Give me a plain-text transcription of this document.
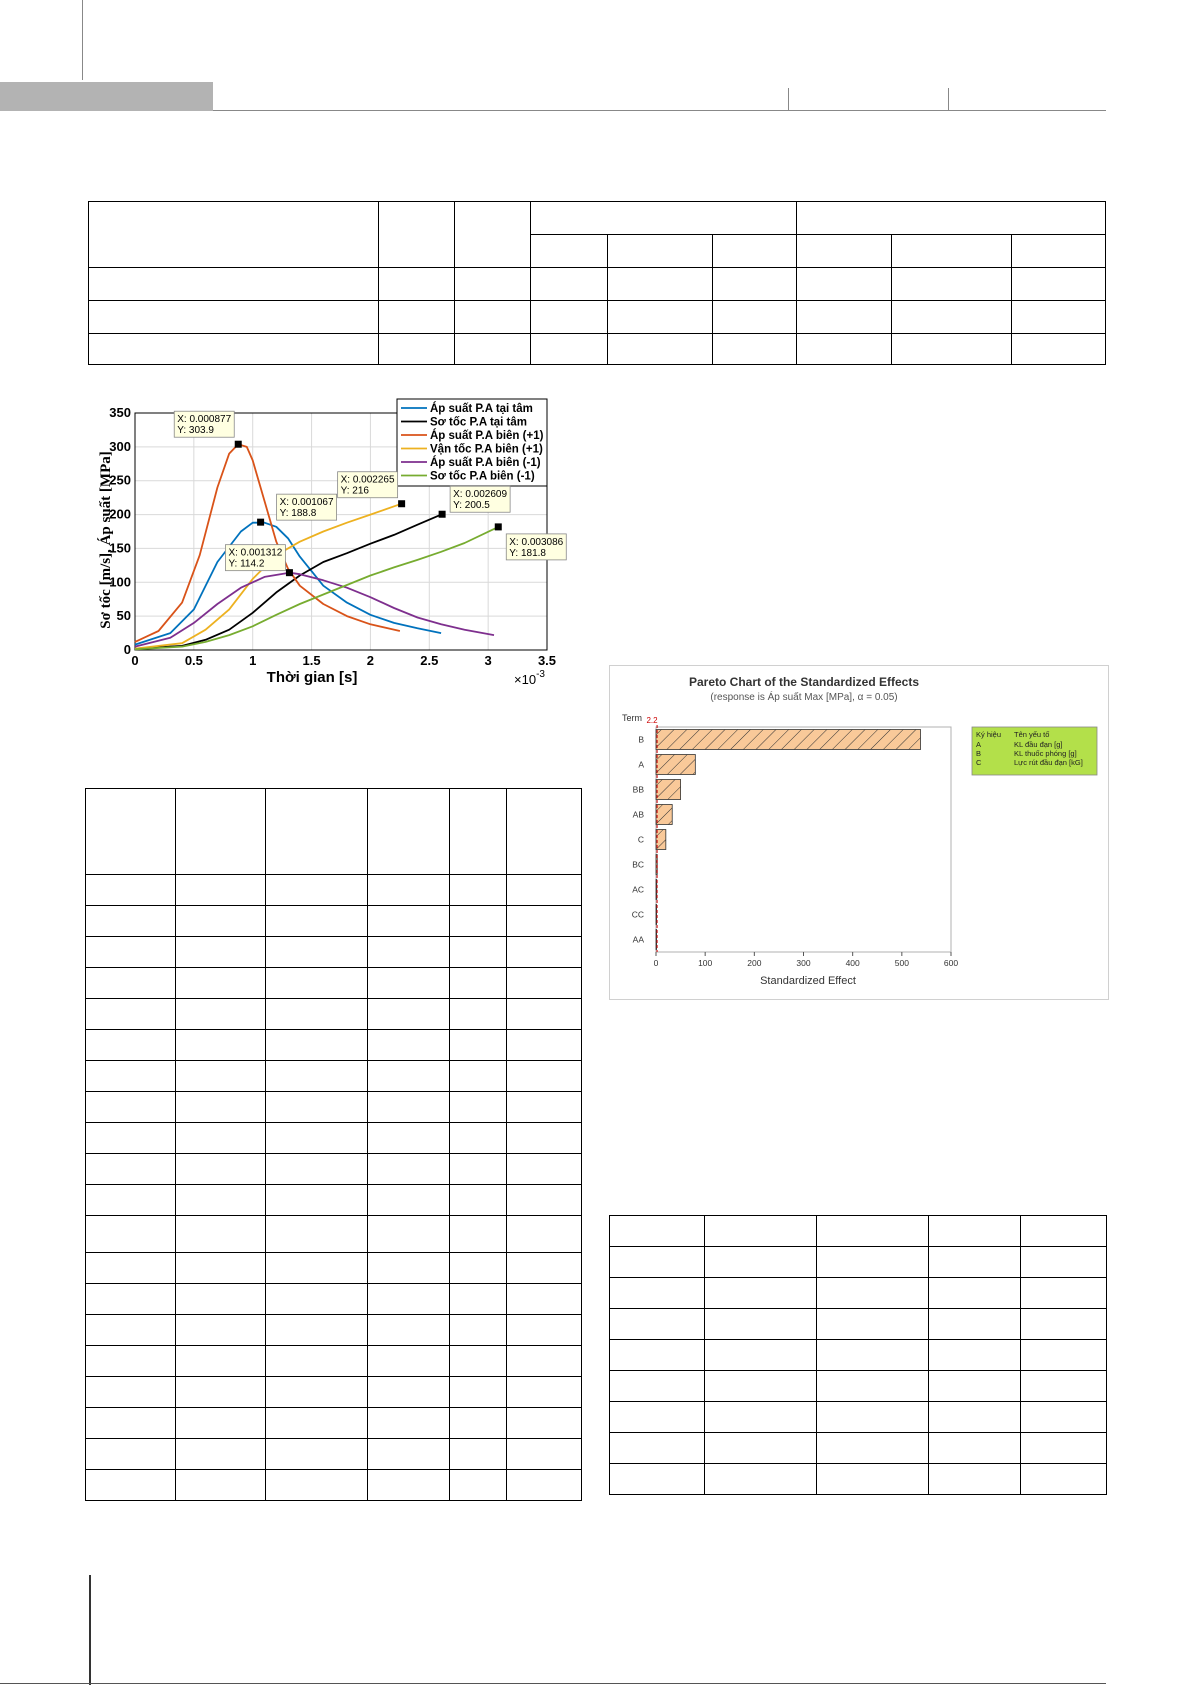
Sơ tốc [m/s], Áp suất [MPa]
Thời gian [s]	$\times 10^{-3}$
0	0.5	1	1.5	2	2.5	3	3.5
0
50
100
150
200
250
300
350	Áp suất P.A tại tâm
Sơ tốc P.A tại tâm
Áp suất P.A biên (+1)
Vận tốc P.A biên (+1)
Áp suất P.A biên (-1)
Sơ tốc P.A biên (-1)
X: 0.000877
Y: 303.9
X: 0.001067
Y: 188.8
X: 0.002265
Y: 216	X: 0.002609
Y: 200.5
X: 0.003086
Y: 181.8
X: 0.001312
Y: 114.2

Pareto Chart of the Standardized Effects
(response is Áp suất Max [MPa], α = 0.05)
Term
Standardized Effect
2.2
0	100	200	300	400	500	600
B
A
BB
AB
C
BC
AC
CC
AA
Ký hiệu Tên yếu tố
A	KL đầu đạn [g]
B	KL thuốc phóng [g]
C	Lực rút đầu đạn [kG]
